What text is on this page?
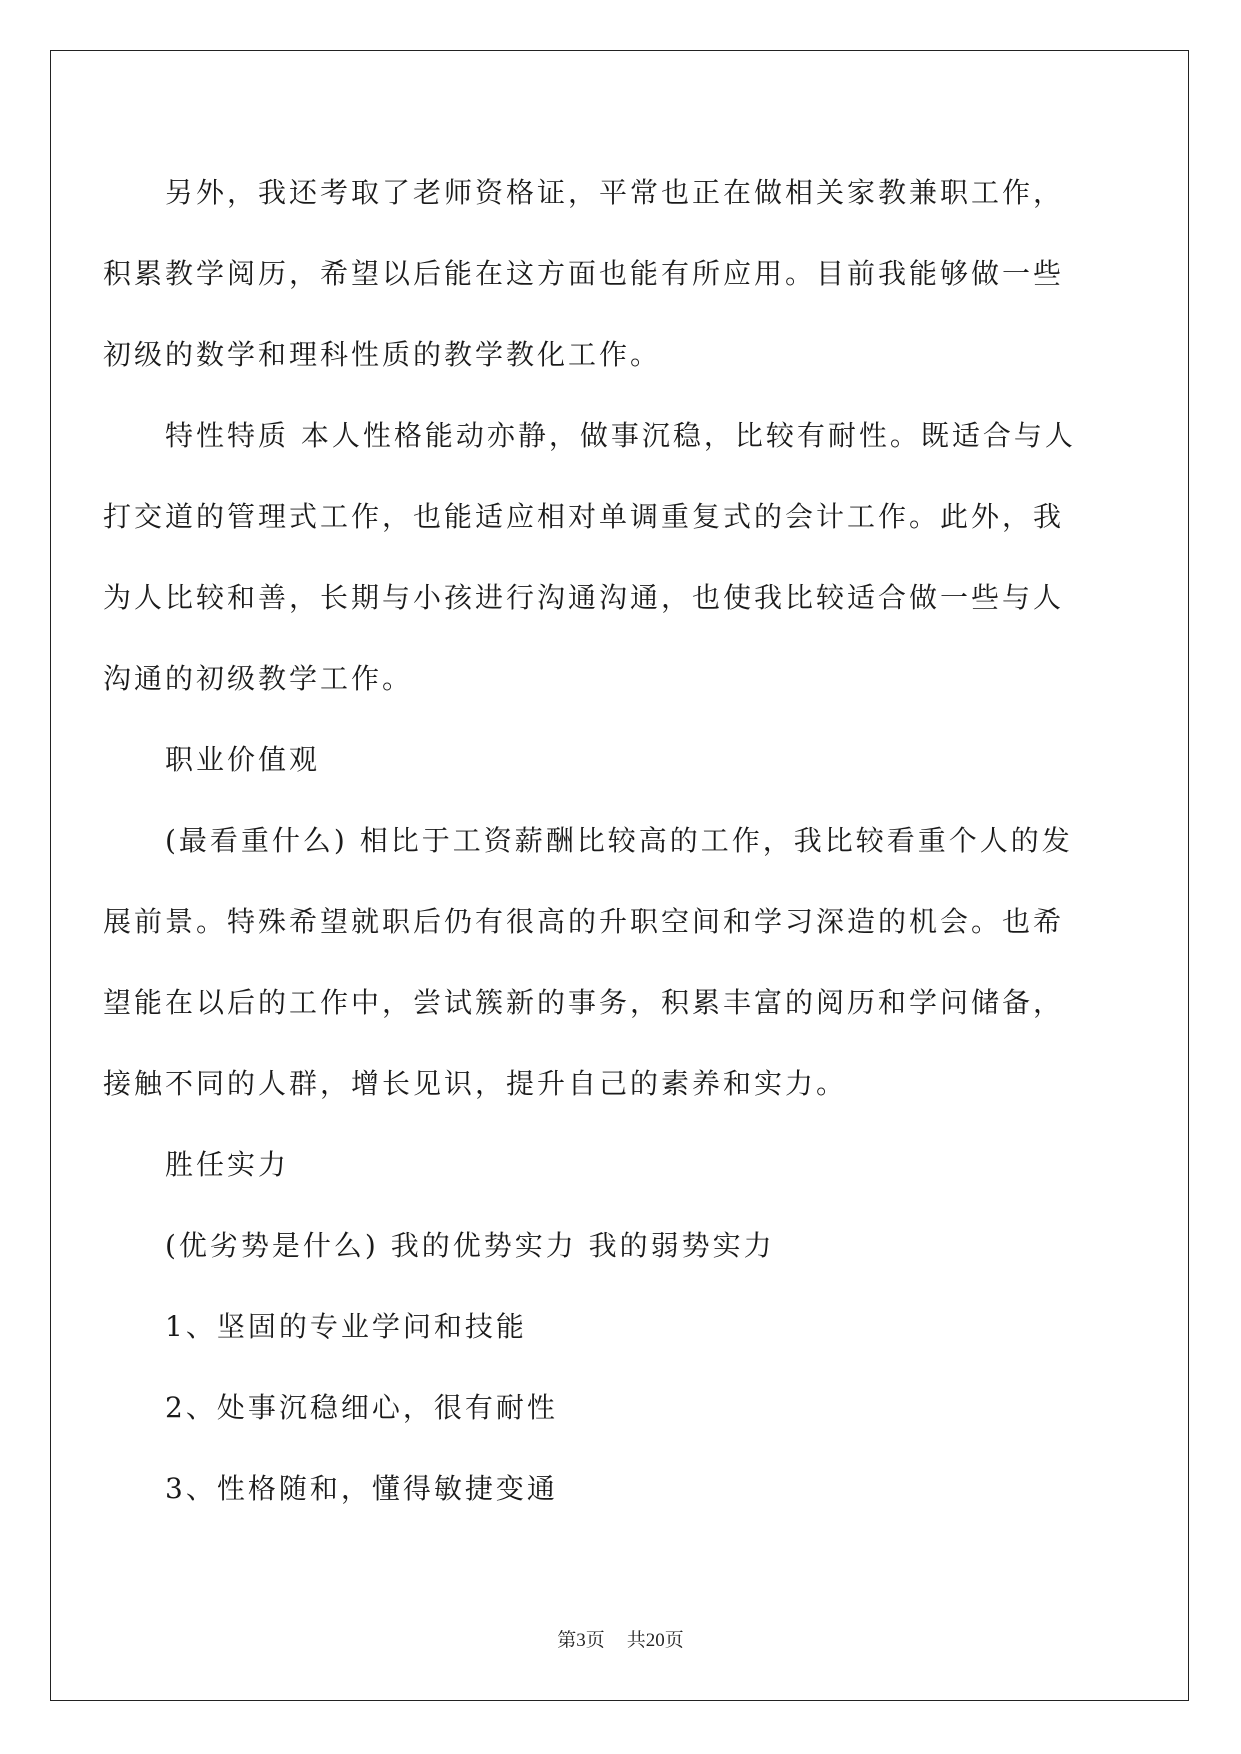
另外，我还考取了老师资格证，平常也正在做相关家教兼职工作，积累教学阅历，希望以后能在这方面也能有所应用。目前我能够做一些初级的数学和理科性质的教学教化工作。

特性特质 本人性格能动亦静，做事沉稳，比较有耐性。既适合与人打交道的管理式工作，也能适应相对单调重复式的会计工作。此外，我为人比较和善，长期与小孩进行沟通沟通，也使我比较适合做一些与人沟通的初级教学工作。

职业价值观

(最看重什么) 相比于工资薪酬比较高的工作，我比较看重个人的发展前景。特殊希望就职后仍有很高的升职空间和学习深造的机会。也希望能在以后的工作中，尝试簇新的事务，积累丰富的阅历和学问储备，接触不同的人群，增长见识，提升自己的素养和实力。

胜任实力

(优劣势是什么) 我的优势实力 我的弱势实力

1、坚固的专业学问和技能

2、处事沉稳细心，很有耐性

3、性格随和，懂得敏捷变通

第3页 共20页
